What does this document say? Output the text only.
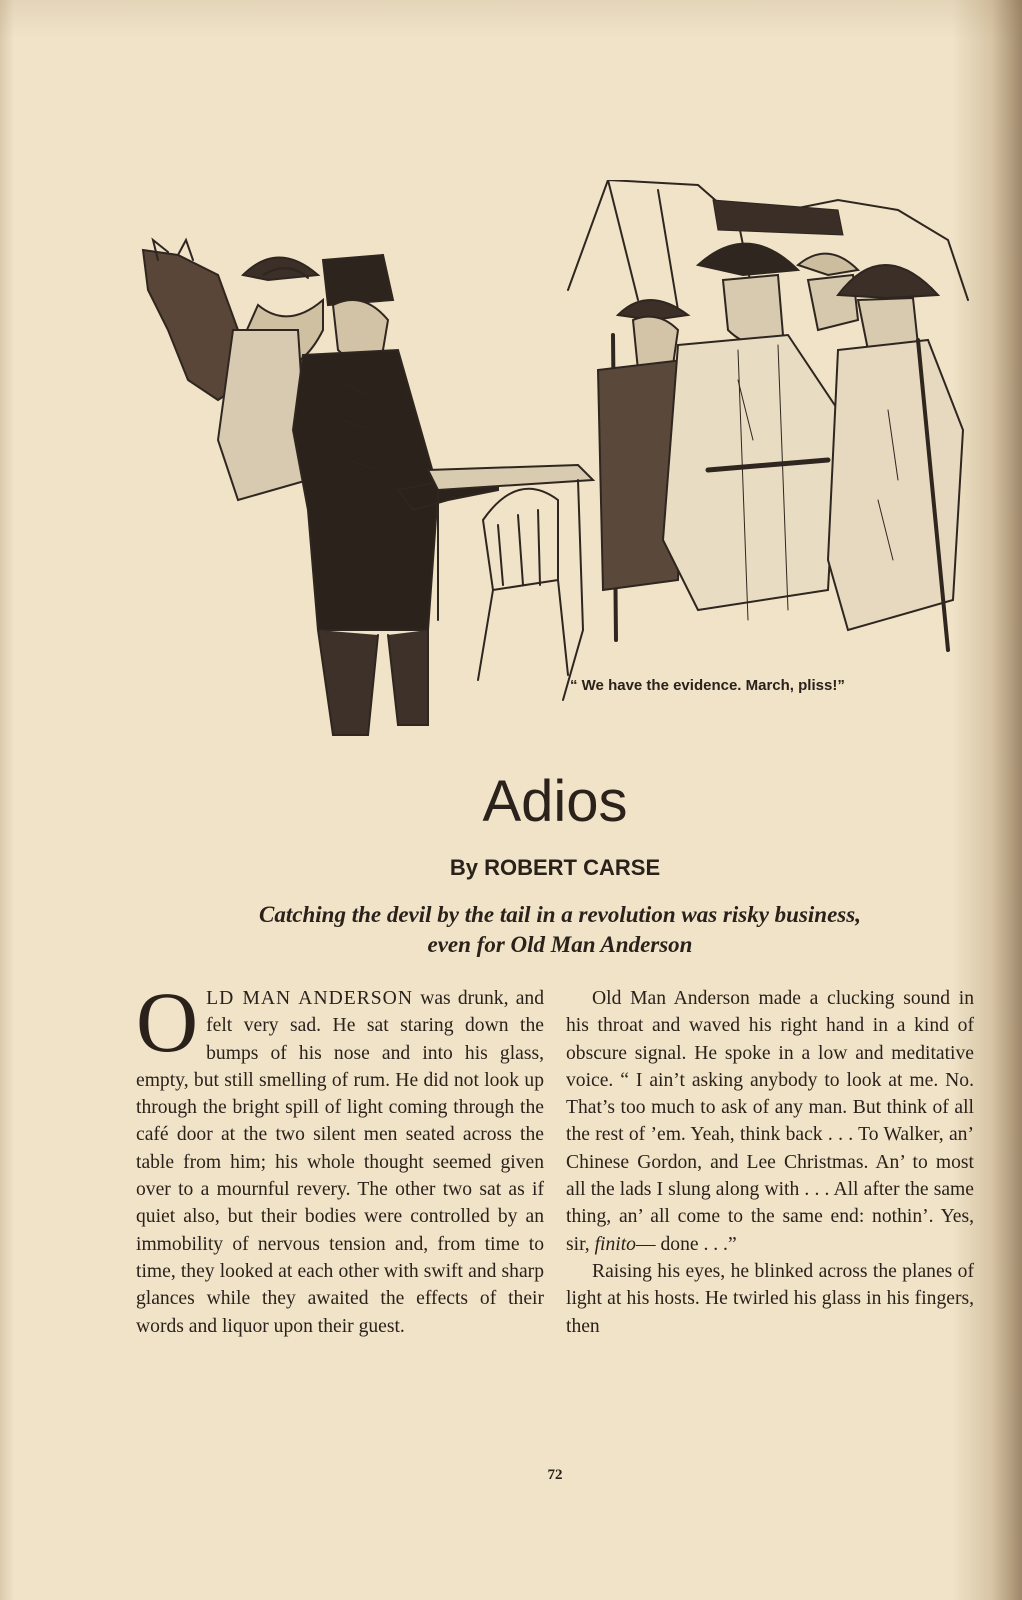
“ We have the evidence. March, pliss!”
Adios
By ROBERT CARSE
Catching the devil by the tail in a revolution was risky business,
even for Old Man Anderson

OLD MAN ANDERSON was drunk, and felt very sad. He sat staring down the bumps of his nose and into his glass, empty, but still smelling of rum. He did not look up through the bright spill of light coming through the café door at the two silent men seated across the table from him; his whole thought seemed given over to a mournful revery. The other two sat as if quiet also, but their bodies were controlled by an immobility of nervous tension and, from time to time, they looked at each other with swift and sharp glances while they awaited the effects of their words and liquor upon their guest.

Old Man Anderson made a clucking sound in his throat and waved his right hand in a kind of obscure signal. He spoke in a low and meditative voice. “ I ain’t asking anybody to look at me. No. That’s too much to ask of any man. But think of all the rest of ’em. Yeah, think back . . . To Walker, an’ Chinese Gordon, and Lee Christmas. An’ to most all the lads I slung along with . . . All after the same thing, an’ all come to the same end: nothin’. Yes, sir, finito— done . . .”

Raising his eyes, he blinked across the planes of light at his hosts. He twirled his glass in his fingers, then

72
